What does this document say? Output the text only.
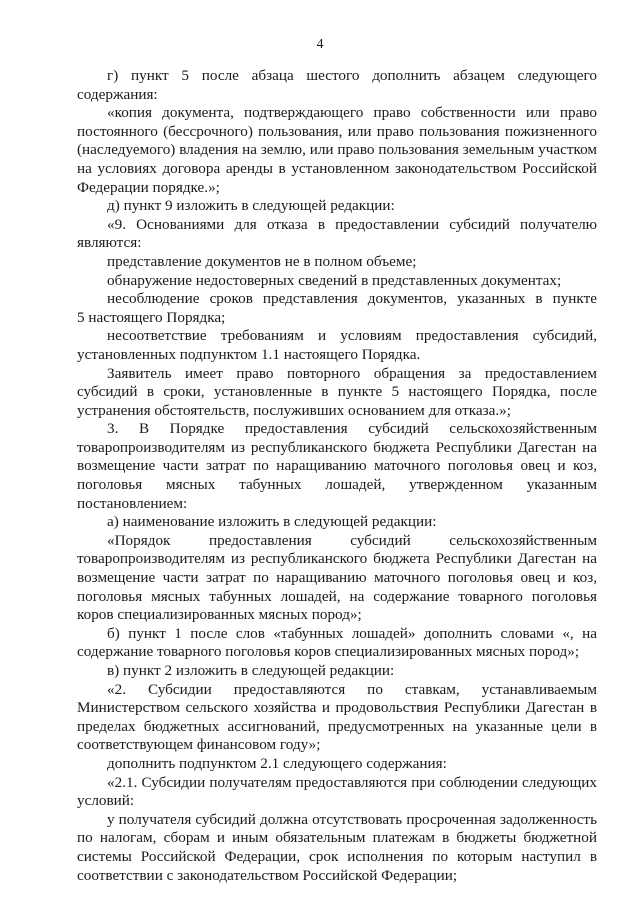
4
г) пункт 5 после абзаца шестого дополнить абзацем следующего
содержания:
«копия документа, подтверждающего право собственности или право
постоянного (бессрочного) пользования, или право пользования пожизненного
(наследуемого) владения на землю, или право пользования земельным участком
на условиях договора аренды в установленном законодательством Российской
Федерации порядке.»;
д) пункт 9 изложить в следующей редакции:
«9. Основаниями для отказа в предоставлении субсидий получателю
являются:
представление документов не в полном объеме;
обнаружение недостоверных сведений в представленных документах;
несоблюдение сроков представления документов, указанных в пункте
5 настоящего Порядка;
несоответствие требованиям и условиям предоставления субсидий,
установленных подпунктом 1.1 настоящего Порядка.
Заявитель имеет право повторного обращения за предоставлением
субсидий в сроки, установленные в пункте 5 настоящего Порядка, после
устранения обстоятельств, послуживших основанием для отказа.»;
3. В Порядке предоставления субсидий сельскохозяйственным
товаропроизводителям из республиканского бюджета Республики Дагестан на
возмещение части затрат по наращиванию маточного поголовья овец и коз,
поголовья мясных табунных лошадей, утвержденном указанным
постановлением:
а) наименование изложить в следующей редакции:
«Порядок предоставления субсидий сельскохозяйственным
товаропроизводителям из республиканского бюджета Республики Дагестан на
возмещение части затрат по наращиванию маточного поголовья овец и коз,
поголовья мясных табунных лошадей, на содержание товарного поголовья
коров специализированных мясных пород»;
б) пункт 1 после слов «табунных лошадей» дополнить словами «, на
содержание товарного поголовья коров специализированных мясных пород»;
в) пункт 2 изложить в следующей редакции:
«2. Субсидии предоставляются по ставкам, устанавливаемым
Министерством сельского хозяйства и продовольствия Республики Дагестан в
пределах бюджетных ассигнований, предусмотренных на указанные цели в
соответствующем финансовом году»;
дополнить подпунктом 2.1 следующего содержания:
«2.1. Субсидии получателям предоставляются при соблюдении следующих
условий:
у получателя субсидий должна отсутствовать просроченная задолженность
по налогам, сборам и иным обязательным платежам в бюджеты бюджетной
системы Российской Федерации, срок исполнения по которым наступил в
соответствии с законодательством Российской Федерации;
